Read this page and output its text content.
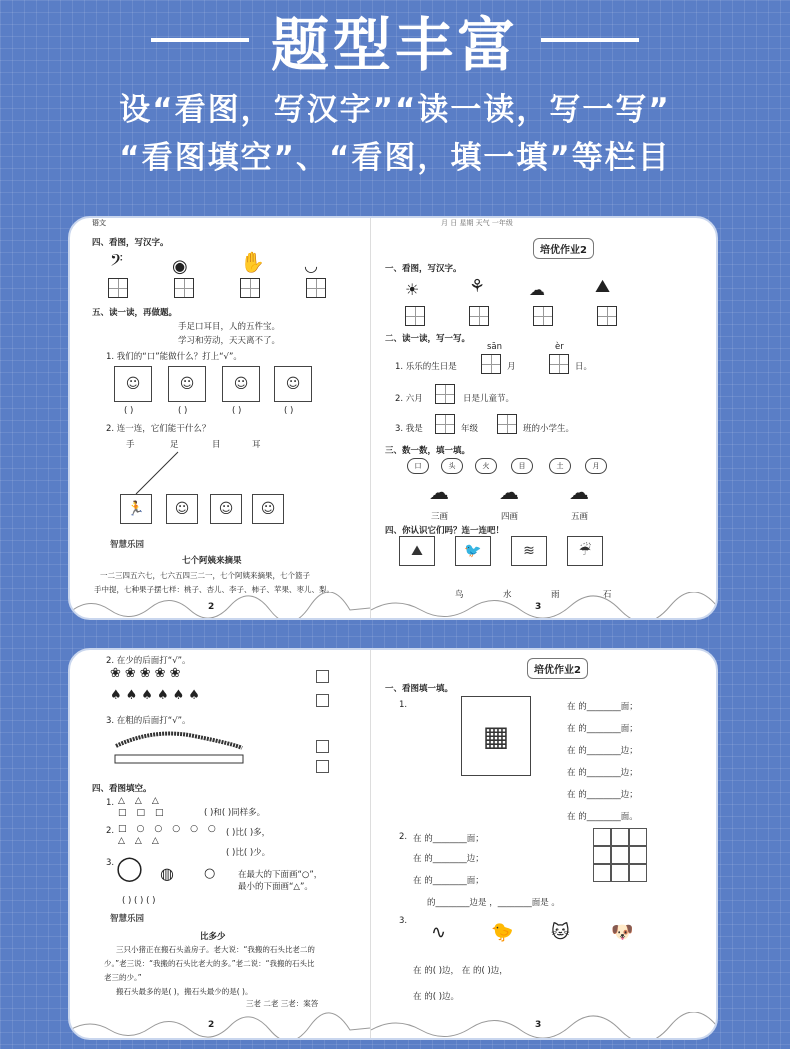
题型丰富
设“看图，写汉字”“读一读，写一写”
“看图填空”、“看图，填一填”等栏目
语文
四、看图，写汉字。
𝄢	◉	✋ ◡
五、读一读，再做题。
手足口耳目，人的五件宝。
学习和劳动，天天离不了。
1. 我们的“口”能做什么？打上“√”。
☺	☺	☺	☺
( )	( )	( )	( )
2. 连一连，它们能干什么？
手	足	目	耳
🏃 ☺ ☺ ☺
智慧乐园
七个阿姨来摘果
一二三四五六七，七六五四三二一，七个阿姨来摘果，七个篮子
手中提，七种果子摆七样：桃子、杏儿、李子、柿子、苹果、枣儿、梨。
2
月 日 星期 天气 一年级
培优作业2
一、看图，写汉字。
☀	⚘	☁	⛰
二、读一读，写一写。
sān	èr
1. 乐乐的生日是	月	日。
2. 六月	日是儿童节。
3. 我是	年级	班的小学生。
三、数一数，填一填。
口	头	火	目	土	月
☁	☁	☁
三画	四画	五画
四、你认识它们吗？连一连吧！
⛰	🐦	≋	☔
鸟	水	雨	石
3
2. 在少的后面打“√”。
❀❀❀❀❀
♠♠♠♠♠♠
3. 在粗的后面打“√”。
四、看图填空。
1. △△△
□□□	( )和( )同样多。
2. □○○○○○
△△△
( )比( )多，
( )比( )少。
3. ◯ ◍ ○	在最大的下面画“○”，
最小的下面画“△”。
( ) ( ) ( )
智慧乐园
比多少
三只小猪正在搬石头盖房子。老大说：“我搬的石头比老二的
少。”老三说：“我搬的石头比老大的多。”老二说：“我搬的石头比
老三的少。”
搬石头最多的是( )，搬石头最少的是( )。
三老 二老 三老：案答
2
培优作业2
一、看图填一填。
1.
▦
在 的________面；
在 的________面；
在 的________边；
在 的________边；
在 的________边；
在 的________面。
2. 在 的________面；
在 的________边；
在 的________面；
的________边是 ，________面是 。
3.
∿ 🐤 🐱 🐶
在 的( )边， 在 的( )边，
在 的( )边。
3
